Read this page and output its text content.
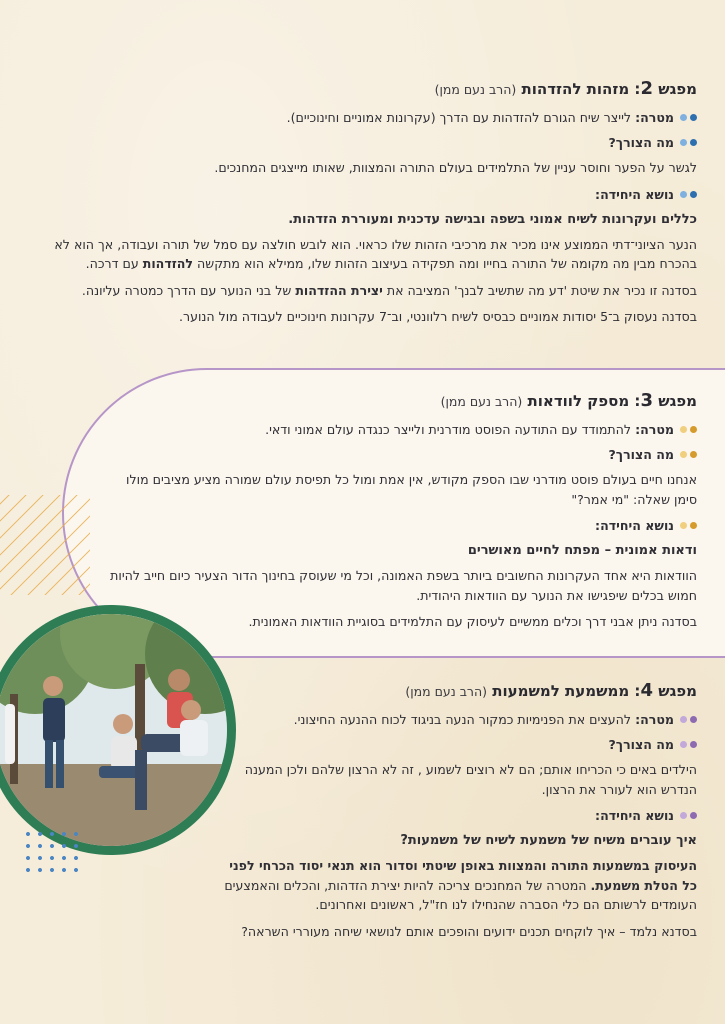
מפגש 2: מזהות להזדהות (הרב נעם ממן)
מטרה: לייצר שיח הגורם להזדהות עם הדרך (עקרונות אמוניים וחינוכיים).
מה הצורך?
לגשר על הפער וחוסר עניין של התלמידים בעולם התורה והמצוות, שאותו מייצגים המחנכים.
נושא היחידה:
כללים ועקרונות לשיח אמוני בשפה ובגישה עדכנית ומעוררת הזדהות.
הנער הציוני־דתי הממוצע אינו מכיר את מרכיבי הזהות שלו כראוי. הוא לובש חולצה עם סמל של תורה ועבודה, אך הוא לא בהכרח מבין מה מקומה של התורה בחייו ומה תפקידה בעיצוב הזהות שלו, ממילא הוא מתקשה להזדהות עם דרכה.
בסדנה זו נכיר את שיטת 'דע מה שתשיב לבנך' המציבה את יצירת ההזדהות של בני הנוער עם הדרך כמטרה עליונה.
בסדנה נעסוק ב־5 יסודות אמוניים כבסיס לשיח רלוונטי, וב־7 עקרונות חינוכיים לעבודה מול הנוער.
מפגש 3: מספק לוודאות (הרב נעם ממן)
מטרה: להתמודד עם התודעה הפוסט מודרנית ולייצר כנגדה עולם אמוני ודאי.
מה הצורך?
אנחנו חיים בעולם פוסט מודרני שבו הספק מקודש, אין אמת ומול כל תפיסת עולם שמורה מציע מציבים מולו סימן שאלה: "מי אמר?"
נושא היחידה:
ודאות אמונית – מפתח לחיים מאושרים
הוודאות היא אחד העקרונות החשובים ביותר בשפת האמונה, וכל מי שעוסק בחינוך הדור הצעיר כיום חייב להיות חמוש בכלים שיפגישו את הנוער עם הוודאות היהודית.
בסדנה ניתן אבני דרך וכלים ממשיים לעיסוק עם התלמידים בסוגיית הוודאות האמונית.
מפגש 4: ממשמעת למשמעות (הרב נעם ממן)
מטרה: להעצים את הפנימיות כמקור הנעה בניגוד לכוח ההנעה החיצוני.
מה הצורך?
הילדים באים כי הכריחו אותם; הם לא רוצים לשמוע , זה לא הרצון שלהם ולכן המענה הנדרש הוא לעורר את הרצון.
נושא היחידה:
איך עוברים משיח של משמעת לשיח של משמעות?
העיסוק במשמעות התורה והמצוות באופן שיטתי וסדור הוא תנאי יסוד הכרחי לפני כל הטלת משמעת. המטרה של המחנכים צריכה להיות יצירת הזדהות, והכלים והאמצעים העומדים לרשותם הם כלי הסברה שהנחילו לנו חז"ל, ראשונים ואחרונים.
בסדנא נלמד – איך לוקחים תכנים ידועים והופכים אותם לנושאי שיחה מעוררי השראה?
